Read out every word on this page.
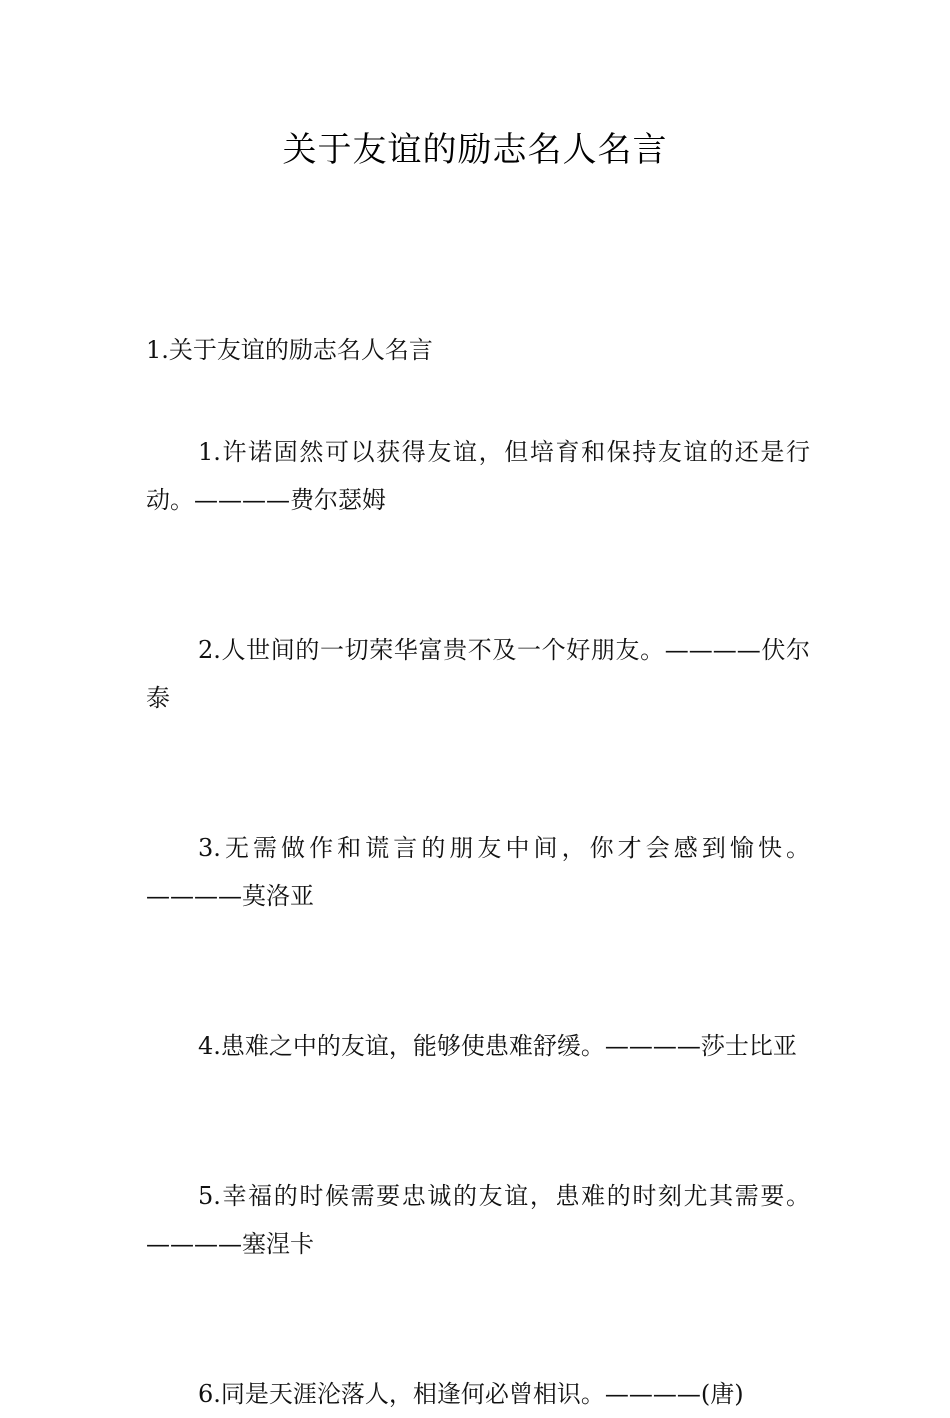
关于友谊的励志名人名言

1.关于友谊的励志名人名言

1.许诺固然可以获得友谊，但培育和保持友谊的还是行动。————费尔瑟姆

2.人世间的一切荣华富贵不及一个好朋友。————伏尔泰

3.无需做作和谎言的朋友中间，你才会感到愉快。————莫洛亚

4.患难之中的友谊，能够使患难舒缓。————莎士比亚

5.幸福的时候需要忠诚的友谊，患难的时刻尤其需要。————塞涅卡

6.同是天涯沦落人，相逢何必曾相识。————(唐)
